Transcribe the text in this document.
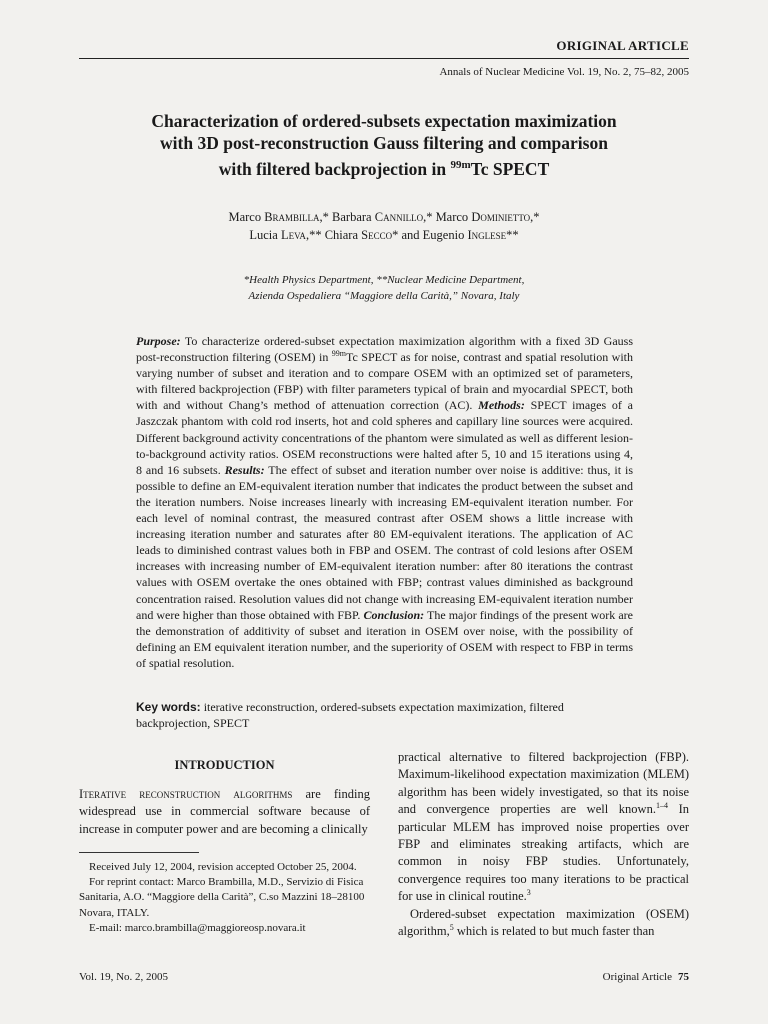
ORIGINAL ARTICLE
Annals of Nuclear Medicine Vol. 19, No. 2, 75–82, 2005
Characterization of ordered-subsets expectation maximization
with 3D post-reconstruction Gauss filtering and comparison
with filtered backprojection in $^{99m}$Tc SPECT
Marco Brambilla,* Barbara Cannillo,* Marco Dominietto,*
Lucia Leva,** Chiara Secco* and Eugenio Inglese**
*Health Physics Department, **Nuclear Medicine Department,
Azienda Ospedaliera “Maggiore della Carità,” Novara, Italy
Purpose: To characterize ordered-subset expectation maximization algorithm with a fixed 3D Gauss post-reconstruction filtering (OSEM) in $^{99m}$Tc SPECT as for noise, contrast and spatial resolution with varying number of subset and iteration and to compare OSEM with an optimized set of parameters, with filtered backprojection (FBP) with filter parameters typical of brain and myocardial SPECT, both with and without Chang’s method of attenuation correction (AC). Methods: SPECT images of a Jaszczak phantom with cold rod inserts, hot and cold spheres and capillary line sources were acquired. Different background activity concentrations of the phantom were simulated as well as different lesion-to-background activity ratios. OSEM reconstructions were halted after 5, 10 and 15 iterations using 4, 8 and 16 subsets. Results: The effect of subset and iteration number over noise is additive: thus, it is possible to define an EM-equivalent iteration number that indicates the product between the subset and the iteration numbers. Noise increases linearly with increasing EM-equivalent iteration number. For each level of nominal contrast, the measured contrast after OSEM shows a little increase with increasing iteration number and saturates after 80 EM-equivalent iterations. The application of AC leads to diminished contrast values both in FBP and OSEM. The contrast of cold lesions after OSEM increases with increasing number of EM-equivalent iteration number: after 80 iterations the contrast values with OSEM overtake the ones obtained with FBP; contrast values diminished as background concentration raised. Resolution values did not change with increasing EM-equivalent iteration number and were higher than those obtained with FBP. Conclusion: The major findings of the present work are the demonstration of additivity of subset and iteration in OSEM over noise, with the possibility of defining an EM equivalent iteration number, and the superiority of OSEM with respect to FBP in terms of spatial resolution.
Key words: iterative reconstruction, ordered-subsets expectation maximization, filtered backprojection, SPECT
INTRODUCTION

Iterative reconstruction algorithms are finding widespread use in commercial software because of increase in computer power and are becoming a clinically

Received July 12, 2004, revision accepted October 25, 2004.

For reprint contact: Marco Brambilla, M.D., Servizio di Fisica Sanitaria, A.O. “Maggiore della Carità”, C.so Mazzini 18–28100 Novara, ITALY.

E-mail: marco.brambilla@maggioreosp.novara.it

practical alternative to filtered backprojection (FBP). Maximum-likelihood expectation maximization (MLEM) algorithm has been widely investigated, so that its noise and convergence properties are well known.$^{1-4}$ In particular MLEM has improved noise properties over FBP and eliminates streaking artifacts, which are common in noisy FBP studies. Unfortunately, convergence requires too many iterations to be practical for use in clinical routine.$^3$

Ordered-subset expectation maximization (OSEM) algorithm,$^5$ which is related to but much faster than

Vol. 19, No. 2, 2005	Original Article 75
